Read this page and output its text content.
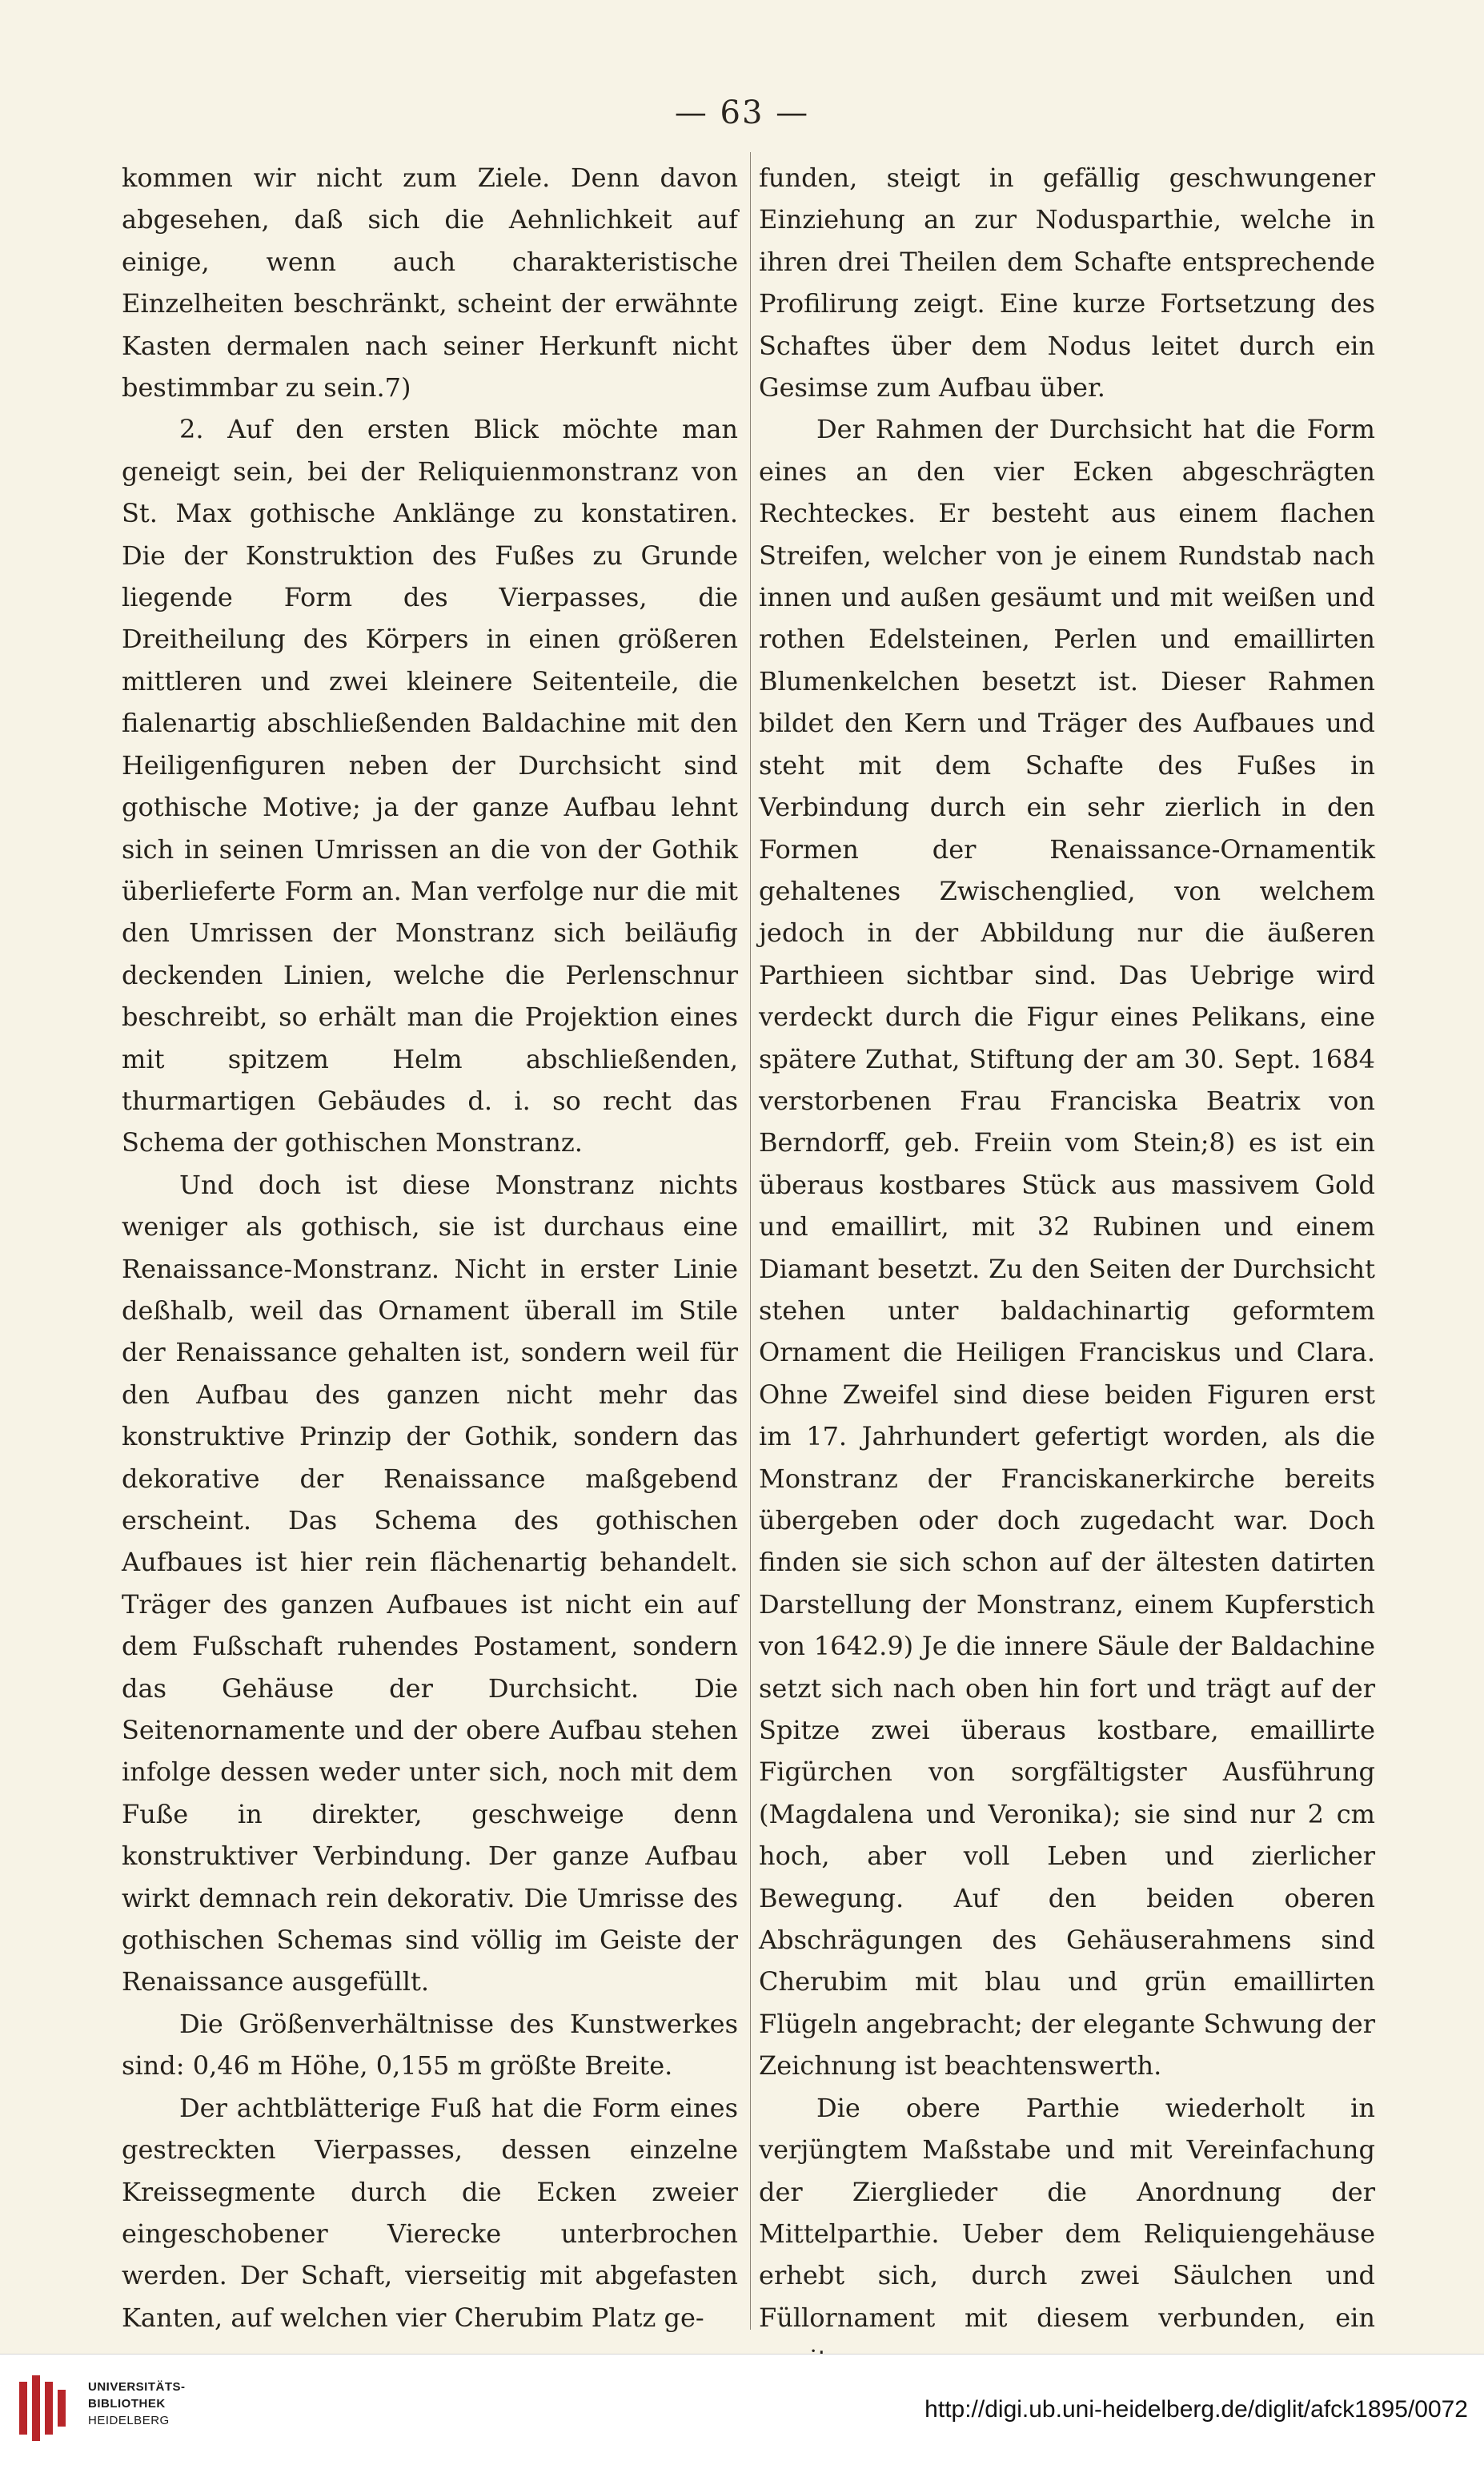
— 63 —

kommen wir nicht zum Ziele. Denn davon abgesehen, daß sich die Aehnlichkeit auf einige, wenn auch charakteristische Einzelheiten beschränkt, scheint der erwähnte Kasten dermalen nach seiner Herkunft nicht bestimmbar zu sein.7)

2. Auf den ersten Blick möchte man geneigt sein, bei der Reliquienmonstranz von St. Max gothische Anklänge zu konstatiren. Die der Konstruktion des Fußes zu Grunde liegende Form des Vierpasses, die Dreitheilung des Körpers in einen größeren mittleren und zwei kleinere Seitenteile, die fialenartig abschließenden Baldachine mit den Heiligenfiguren neben der Durchsicht sind gothische Motive; ja der ganze Aufbau lehnt sich in seinen Umrissen an die von der Gothik überlieferte Form an. Man verfolge nur die mit den Umrissen der Monstranz sich beiläufig deckenden Linien, welche die Perlenschnur beschreibt, so erhält man die Projektion eines mit spitzem Helm abschließenden, thurmartigen Gebäudes d. i. so recht das Schema der gothischen Monstranz.

Und doch ist diese Monstranz nichts weniger als gothisch, sie ist durchaus eine Renaissance-Monstranz. Nicht in erster Linie deßhalb, weil das Ornament überall im Stile der Renaissance gehalten ist, sondern weil für den Aufbau des ganzen nicht mehr das konstruktive Prinzip der Gothik, sondern das dekorative der Renaissance maßgebend erscheint. Das Schema des gothischen Aufbaues ist hier rein flächenartig behandelt. Träger des ganzen Aufbaues ist nicht ein auf dem Fußschaft ruhendes Postament, sondern das Gehäuse der Durchsicht. Die Seitenornamente und der obere Aufbau stehen infolge dessen weder unter sich, noch mit dem Fuße in direkter, geschweige denn konstruktiver Verbindung. Der ganze Aufbau wirkt demnach rein dekorativ. Die Umrisse des gothischen Schemas sind völlig im Geiste der Renaissance ausgefüllt.

Die Größenverhältnisse des Kunstwerkes sind: 0,46 m Höhe, 0,155 m größte Breite.

Der achtblätterige Fuß hat die Form eines gestreckten Vierpasses, dessen einzelne Kreissegmente durch die Ecken zweier eingeschobener Vierecke unterbrochen werden. Der Schaft, vierseitig mit abgefasten Kanten, auf welchen vier Cherubim Platz ge-

funden, steigt in gefällig geschwungener Einziehung an zur Nodusparthie, welche in ihren drei Theilen dem Schafte entsprechende Profilirung zeigt. Eine kurze Fortsetzung des Schaftes über dem Nodus leitet durch ein Gesimse zum Aufbau über.

Der Rahmen der Durchsicht hat die Form eines an den vier Ecken abgeschrägten Rechteckes. Er besteht aus einem flachen Streifen, welcher von je einem Rundstab nach innen und außen gesäumt und mit weißen und rothen Edelsteinen, Perlen und emaillirten Blumenkelchen besetzt ist. Dieser Rahmen bildet den Kern und Träger des Aufbaues und steht mit dem Schafte des Fußes in Verbindung durch ein sehr zierlich in den Formen der Renaissance-Ornamentik gehaltenes Zwischenglied, von welchem jedoch in der Abbildung nur die äußeren Parthieen sichtbar sind. Das Uebrige wird verdeckt durch die Figur eines Pelikans, eine spätere Zuthat, Stiftung der am 30. Sept. 1684 verstorbenen Frau Franciska Beatrix von Berndorff, geb. Freiin vom Stein;8) es ist ein überaus kostbares Stück aus massivem Gold und emaillirt, mit 32 Rubinen und einem Diamant besetzt. Zu den Seiten der Durchsicht stehen unter baldachinartig geformtem Ornament die Heiligen Franciskus und Clara. Ohne Zweifel sind diese beiden Figuren erst im 17. Jahrhundert gefertigt worden, als die Monstranz der Franciskanerkirche bereits übergeben oder doch zugedacht war. Doch finden sie sich schon auf der ältesten datirten Darstellung der Monstranz, einem Kupferstich von 1642.9) Je die innere Säule der Baldachine setzt sich nach oben hin fort und trägt auf der Spitze zwei überaus kostbare, emaillirte Figürchen von sorgfältigster Ausführung (Magdalena und Veronika); sie sind nur 2 cm hoch, aber voll Leben und zierlicher Bewegung. Auf den beiden oberen Abschrägungen des Gehäuserahmens sind Cherubim mit blau und grün emaillirten Flügeln angebracht; der elegante Schwung der Zeichnung ist beachtenswerth.

Die obere Parthie wiederholt in verjüngtem Maßstabe und mit Vereinfachung der Zierglieder die Anordnung der Mittelparthie. Ueber dem Reliquiengehäuse erhebt sich, durch zwei Säulchen und Füllornament mit diesem verbunden, ein

UNIVERSITÄTS-
BIBLIOTHEK
HEIDELBERG	http://digi.ub.uni-heidelberg.de/diglit/afck1895/0072
